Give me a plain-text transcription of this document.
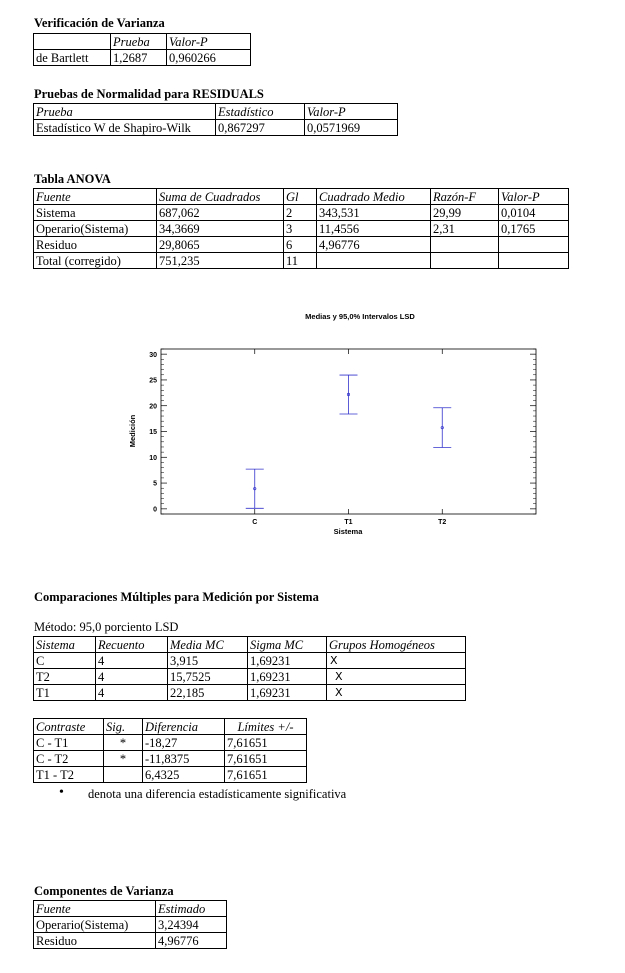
Verificación de Varianza
	Prueba	Valor-P
de Bartlett	1,2687	0,960266
Pruebas de Normalidad para RESIDUALS
Prueba	Estadístico	Valor-P
Estadístico W de Shapiro-Wilk	0,867297	0,0571969
Tabla ANOVA
Fuente	Suma de Cuadrados	Gl	Cuadrado Medio	Razón-F	Valor-P
Sistema	687,062	2	343,531	29,99	0,0104
Operario(Sistema)	34,3669	3	11,4556	2,31	0,1765
Residuo	29,8065	6	4,96776		
Total (corregido)	751,235	11			
Medias y 95,0% Intervalos LSD
0
5
10
15
20
25
30
C	T1	T2
Sistema
Medición
Comparaciones Múltiples para Medición por Sistema
Método: 95,0 porciento LSD
Sistema	Recuento	Media MC	Sigma MC	Grupos Homogéneos
C	4	3,915	1,69231	X
T2	4	15,7525	1,69231	X
T1	4	22,185	1,69231	X
Contraste	Sig.	Diferencia	Límites +/-
C - T1	*	-18,27	7,61651
C - T2	*	-11,8375	7,61651
T1 - T2		6,4325	7,61651
• denota una diferencia estadísticamente significativa
Componentes de Varianza
Fuente	Estimado
Operario(Sistema)	3,24394
Residuo	4,96776
